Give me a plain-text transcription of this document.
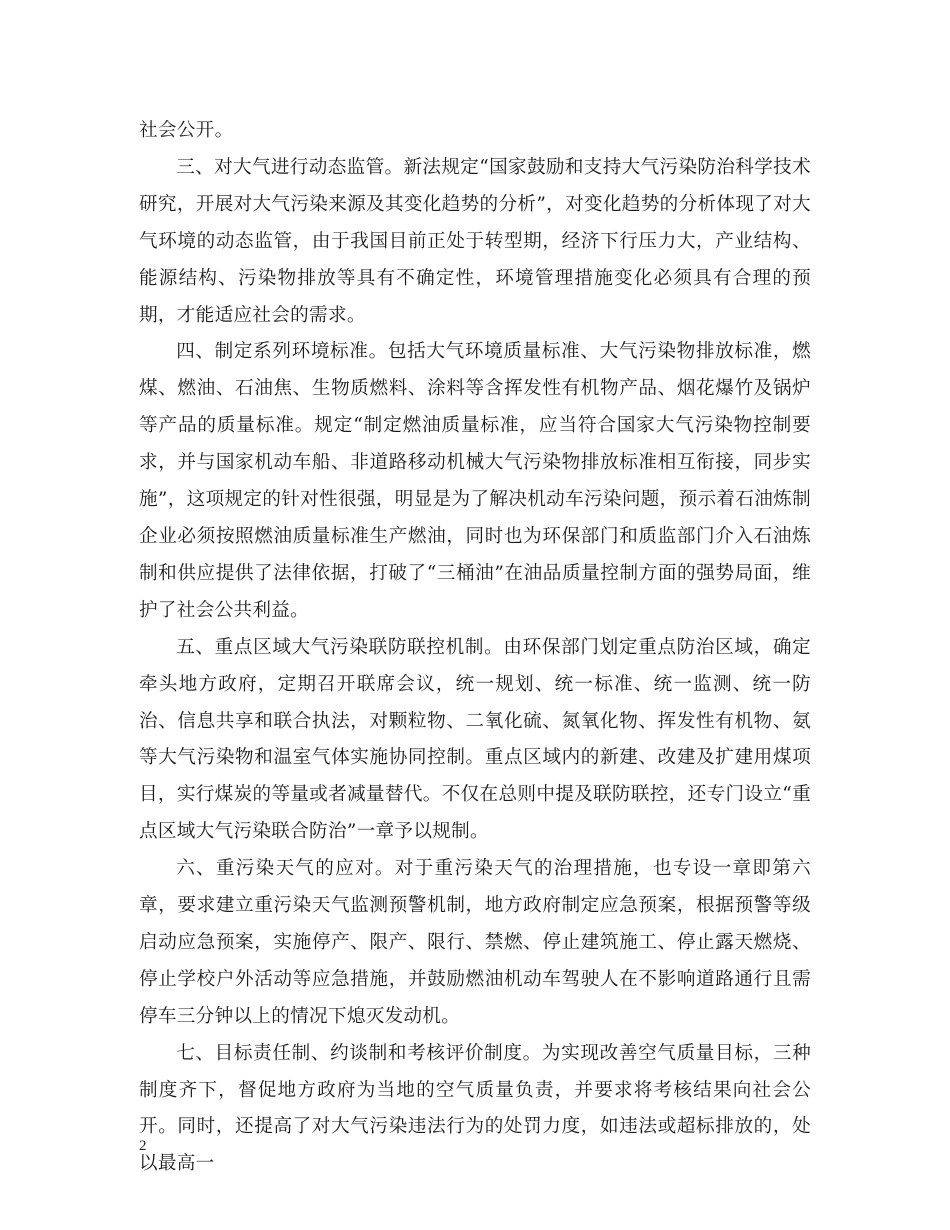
社会公开。

三、对大气进行动态监管。新法规定“国家鼓励和支持大气污染防治科学技术研究，开展对大气污染来源及其变化趋势的分析”，对变化趋势的分析体现了对大气环境的动态监管，由于我国目前正处于转型期，经济下行压力大，产业结构、能源结构、污染物排放等具有不确定性，环境管理措施变化必须具有合理的预期，才能适应社会的需求。

四、制定系列环境标准。包括大气环境质量标准、大气污染物排放标准，燃煤、燃油、石油焦、生物质燃料、涂料等含挥发性有机物产品、烟花爆竹及锅炉等产品的质量标准。规定“制定燃油质量标准，应当符合国家大气污染物控制要求，并与国家机动车船、非道路移动机械大气污染物排放标准相互衔接，同步实施”，这项规定的针对性很强，明显是为了解决机动车污染问题，预示着石油炼制企业必须按照燃油质量标准生产燃油，同时也为环保部门和质监部门介入石油炼制和供应提供了法律依据，打破了“三桶油”在油品质量控制方面的强势局面，维护了社会公共利益。

五、重点区域大气污染联防联控机制。由环保部门划定重点防治区域，确定牵头地方政府，定期召开联席会议，统一规划、统一标准、统一监测、统一防治、信息共享和联合执法，对颗粒物、二氧化硫、氮氧化物、挥发性有机物、氨等大气污染物和温室气体实施协同控制。重点区域内的新建、改建及扩建用煤项目，实行煤炭的等量或者减量替代。不仅在总则中提及联防联控，还专门设立“重点区域大气污染联合防治”一章予以规制。

六、重污染天气的应对。对于重污染天气的治理措施，也专设一章即第六章，要求建立重污染天气监测预警机制，地方政府制定应急预案，根据预警等级启动应急预案，实施停产、限产、限行、禁燃、停止建筑施工、停止露天燃烧、停止学校户外活动等应急措施，并鼓励燃油机动车驾驶人在不影响道路通行且需停车三分钟以上的情况下熄灭发动机。

七、目标责任制、约谈制和考核评价制度。为实现改善空气质量目标，三种制度齐下，督促地方政府为当地的空气质量负责，并要求将考核结果向社会公开。同时，还提高了对大气污染违法行为的处罚力度，如违法或超标排放的，处以最高一

2
